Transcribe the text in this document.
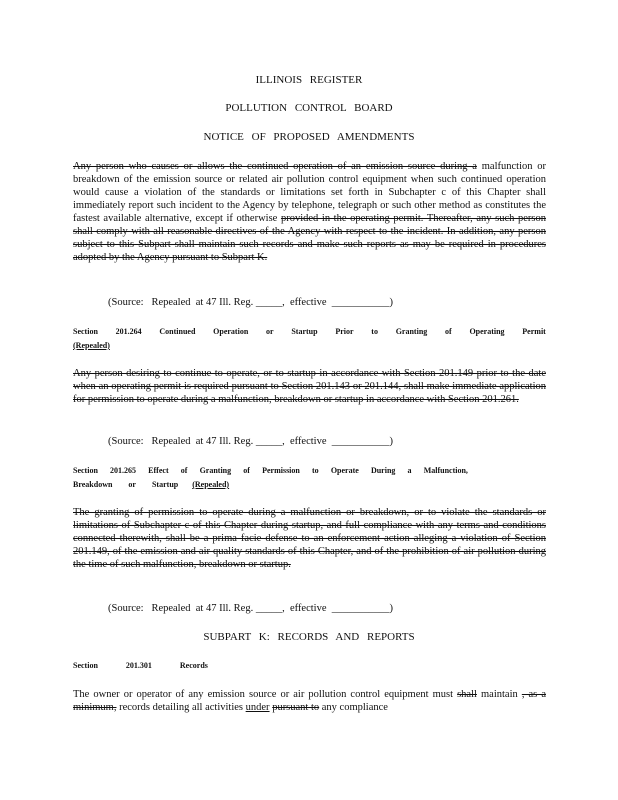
ILLINOIS REGISTER
POLLUTION CONTROL BOARD
NOTICE OF PROPOSED AMENDMENTS
Any person who causes or allows the continued operation of an emission source during a malfunction or breakdown of the emission source or related air pollution control equipment when such continued operation would cause a violation of the standards or limitations set forth in Subchapter c of this Chapter shall immediately report such incident to the Agency by telephone, telegraph or such other method as constitutes the fastest available alternative, except if otherwise provided in the operating permit. Thereafter, any such person shall comply with all reasonable directives of the Agency with respect to the incident. In addition, any person subject to this Subpart shall maintain such records and make such reports as may be required in procedures adopted by the Agency pursuant to Subpart K.
(Source:   Repealed  at 47 Ill. Reg. _____,  effective  ___________)
Section 201.264 Continued Operation or Startup Prior to Granting of Operating Permit
(Repealed)
Any person desiring to continue to operate, or to startup in accordance with Section 201.149 prior to the date when an operating permit is required pursuant to Section 201.143 or 201.144, shall make immediate application for permission to operate during a malfunction, breakdown or startup in accordance with Section 201.261.
(Source:   Repealed  at 47 Ill. Reg. _____,  effective  ___________)
Section 201.265 Effect of Granting of Permission to Operate During a Malfunction,
Breakdown or Startup (Repealed)
The granting of permission to operate during a malfunction or breakdown, or to violate the standards or limitations of Subchapter c of this Chapter during startup, and full compliance with any terms and conditions connected therewith, shall be a prima facie defense to an enforcement action alleging a violation of Section 201.149, of the emission and air quality standards of this Chapter, and of the prohibition of air pollution during the time of such malfunction, breakdown or startup.
(Source:   Repealed  at 47 Ill. Reg. _____,  effective  ___________)
SUBPART K: RECORDS AND REPORTS
Section	201.301	Records
The owner or operator of any emission source or air pollution control equipment must shall maintain , as a minimum, records detailing all activities under pursuant to any compliance
